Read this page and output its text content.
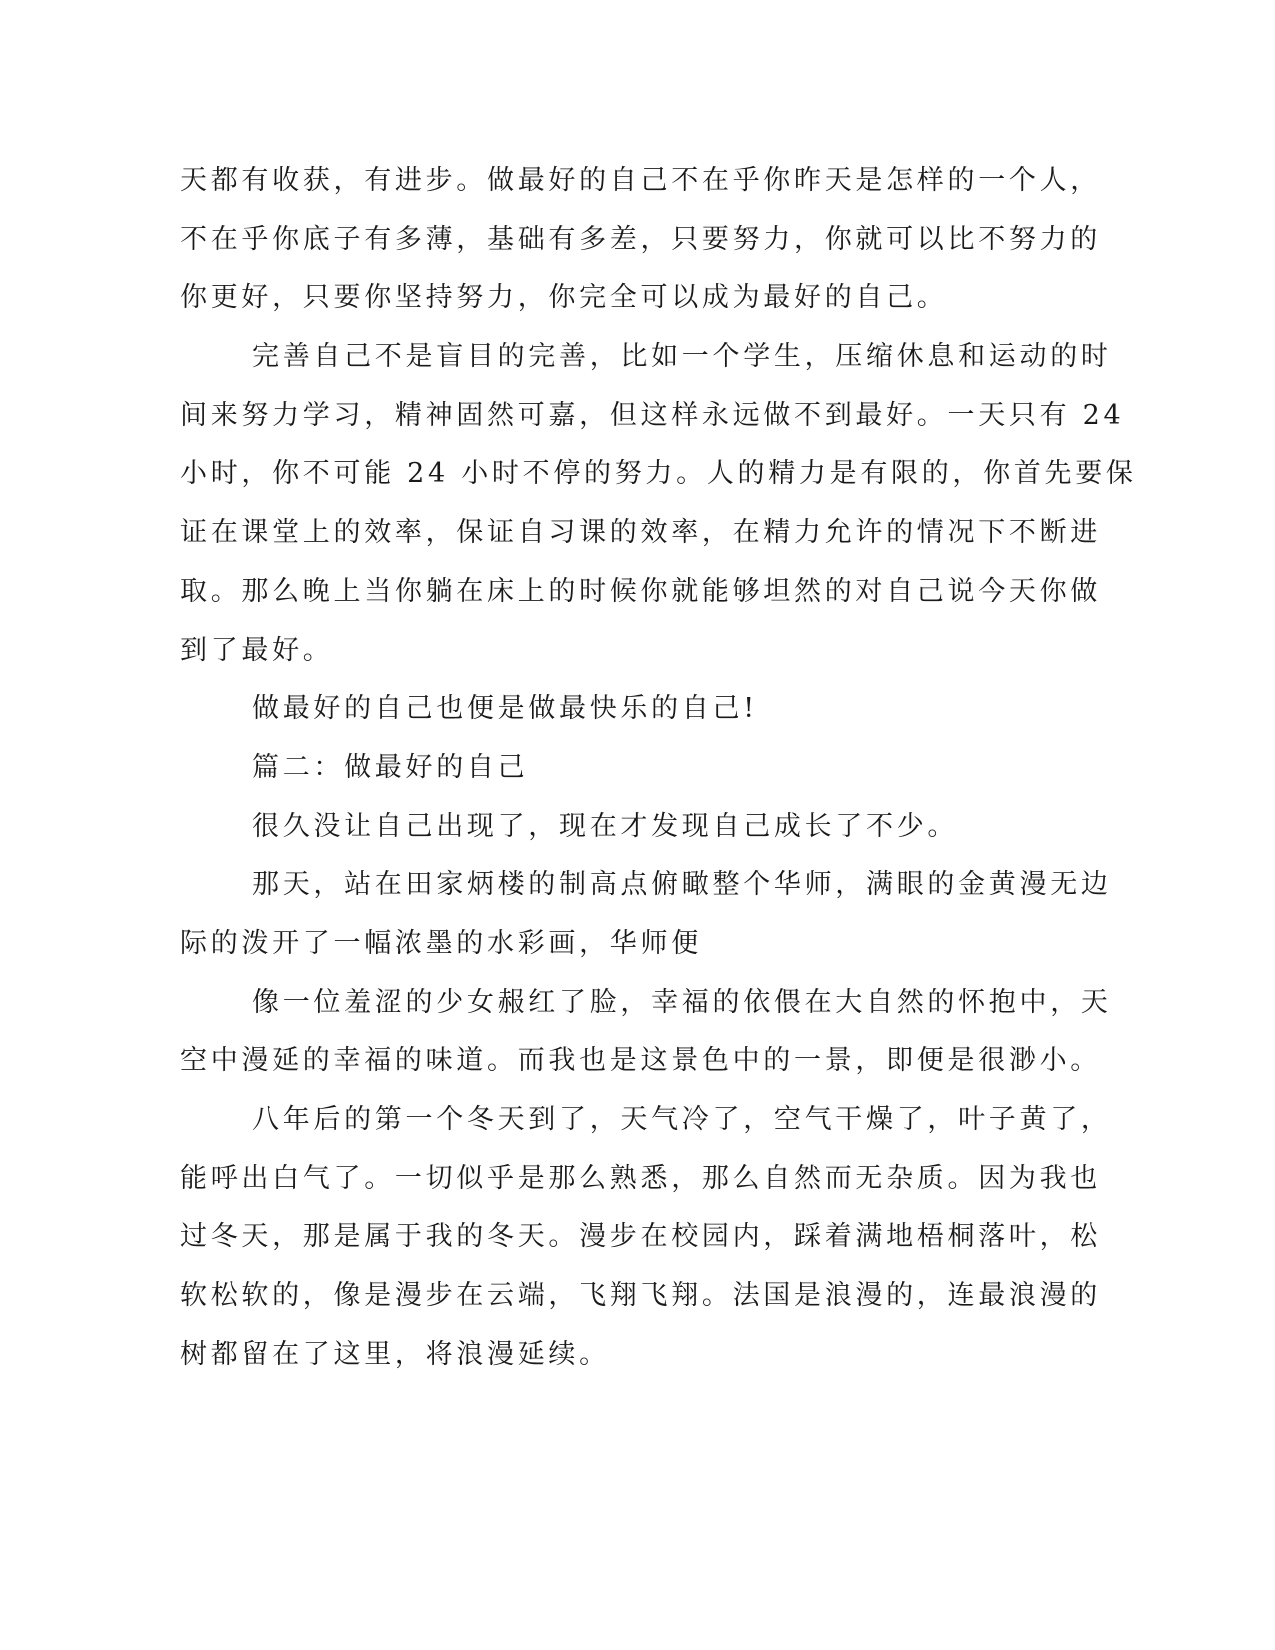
天都有收获，有进步。做最好的自己不在乎你昨天是怎样的一个人，
不在乎你底子有多薄，基础有多差，只要努力，你就可以比不努力的
你更好，只要你坚持努力，你完全可以成为最好的自己。
完善自己不是盲目的完善，比如一个学生，压缩休息和运动的时
间来努力学习，精神固然可嘉，但这样永远做不到最好。一天只有 24
小时，你不可能 24 小时不停的努力。人的精力是有限的，你首先要保
证在课堂上的效率，保证自习课的效率，在精力允许的情况下不断进
取。那么晚上当你躺在床上的时候你就能够坦然的对自己说今天你做
到了最好。
做最好的自己也便是做最快乐的自己!
篇二：做最好的自己
很久没让自己出现了，现在才发现自己成长了不少。
那天，站在田家炳楼的制高点俯瞰整个华师，满眼的金黄漫无边
际的泼开了一幅浓墨的水彩画，华师便
像一位羞涩的少女赧红了脸，幸福的依偎在大自然的怀抱中，天
空中漫延的幸福的味道。而我也是这景色中的一景，即便是很渺小。
八年后的第一个冬天到了，天气冷了，空气干燥了，叶子黄了，
能呼出白气了。一切似乎是那么熟悉，那么自然而无杂质。因为我也
过冬天，那是属于我的冬天。漫步在校园内，踩着满地梧桐落叶，松
软松软的，像是漫步在云端，飞翔飞翔。法国是浪漫的，连最浪漫的
树都留在了这里，将浪漫延续。
